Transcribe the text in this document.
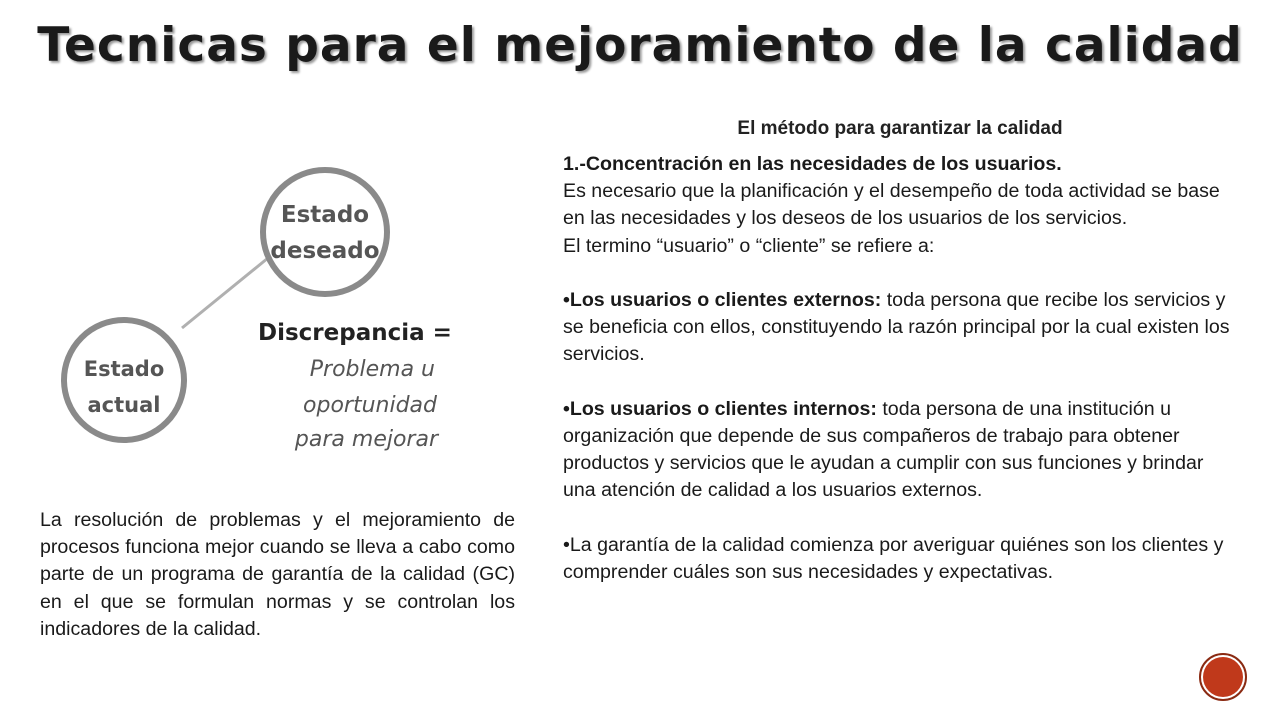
Tecnicas para el mejoramiento de la calidad
Estado
deseado
Estado
actual
Discrepancia =
Problema u
oportunidad
para mejorar

La resolución de problemas y el mejoramiento de procesos funciona mejor cuando se lleva a cabo como parte de un programa de garantía de la calidad (GC) en el que se formulan normas y se controlan los indicadores de la calidad.

El método para garantizar la calidad

1.-Concentración en las necesidades de los usuarios.

Es necesario que la planificación y el desempeño de toda actividad se base en las necesidades y los deseos de los usuarios de los servicios.

El termino “usuario” o “cliente” se refiere a:

•Los usuarios o clientes externos: toda persona que recibe los servicios y se beneficia con ellos, constituyendo la razón principal por la cual existen los servicios.

•Los usuarios o clientes internos: toda persona de una institución u organización que depende de sus compañeros de trabajo para obtener productos y servicios que le ayudan a cumplir con sus funciones y brindar una atención de calidad a los usuarios externos.

•La garantía de la calidad comienza por averiguar quiénes son los clientes y comprender cuáles son sus necesidades y expectativas.
